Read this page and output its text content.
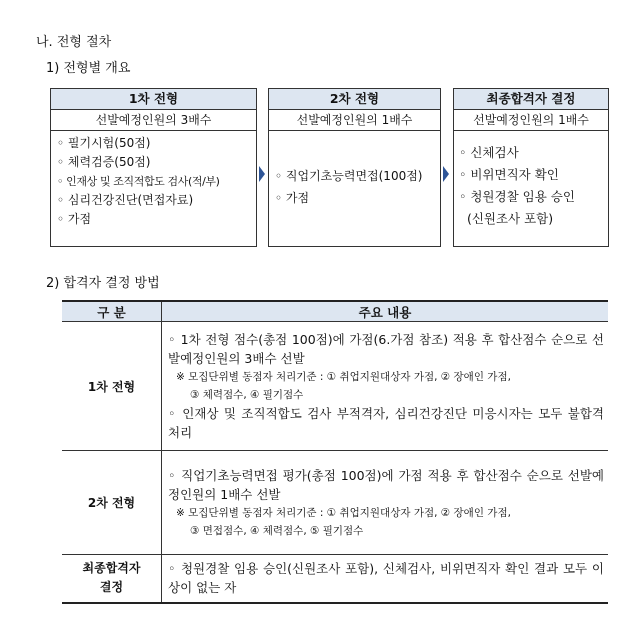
나. 전형 절차
1) 전형별 개요
1차 전형
선발예정인원의 3배수
◦ 필기시험(50점)
◦ 체력검증(50점)
◦ 인재상 및 조직적합도 검사(적/부)
◦ 심리건강진단(면접자료)
◦ 가점
2차 전형
선발예정인원의 1배수
◦ 직업기초능력면접(100점)
◦ 가점
최종합격자 결정
선발예정인원의 1배수
◦ 신체검사
◦ 비위면직자 확인
◦ 청원경찰 임용 승인
(신원조사 포함)
2) 합격자 결정 방법
구 분	주요 내용
1차 전형	◦ 1차 전형 점수(총점 100점)에 가점(6.가점 참조) 적용 후 합산점수 순으로 선발예정인원의 3배수 선발
※ 모집단위별 동점자 처리기준 : ① 취업지원대상자 가점, ② 장애인 가점,
③ 체력점수, ④ 필기점수
◦ 인재상 및 조직적합도 검사 부적격자, 심리건강진단 미응시자는 모두 불합격 처리

2차 전형	◦ 직업기초능력면접 평가(총점 100점)에 가점 적용 후 합산점수 순으로 선발예정인원의 1배수 선발
※ 모집단위별 동점자 처리기준 : ① 취업지원대상자 가점, ② 장애인 가점,
③ 면접점수, ④ 체력점수, ⑤ 필기점수

최종합격자
결정	◦ 청원경찰 임용 승인(신원조사 포함), 신체검사, 비위면직자 확인 결과 모두 이상이 없는 자
